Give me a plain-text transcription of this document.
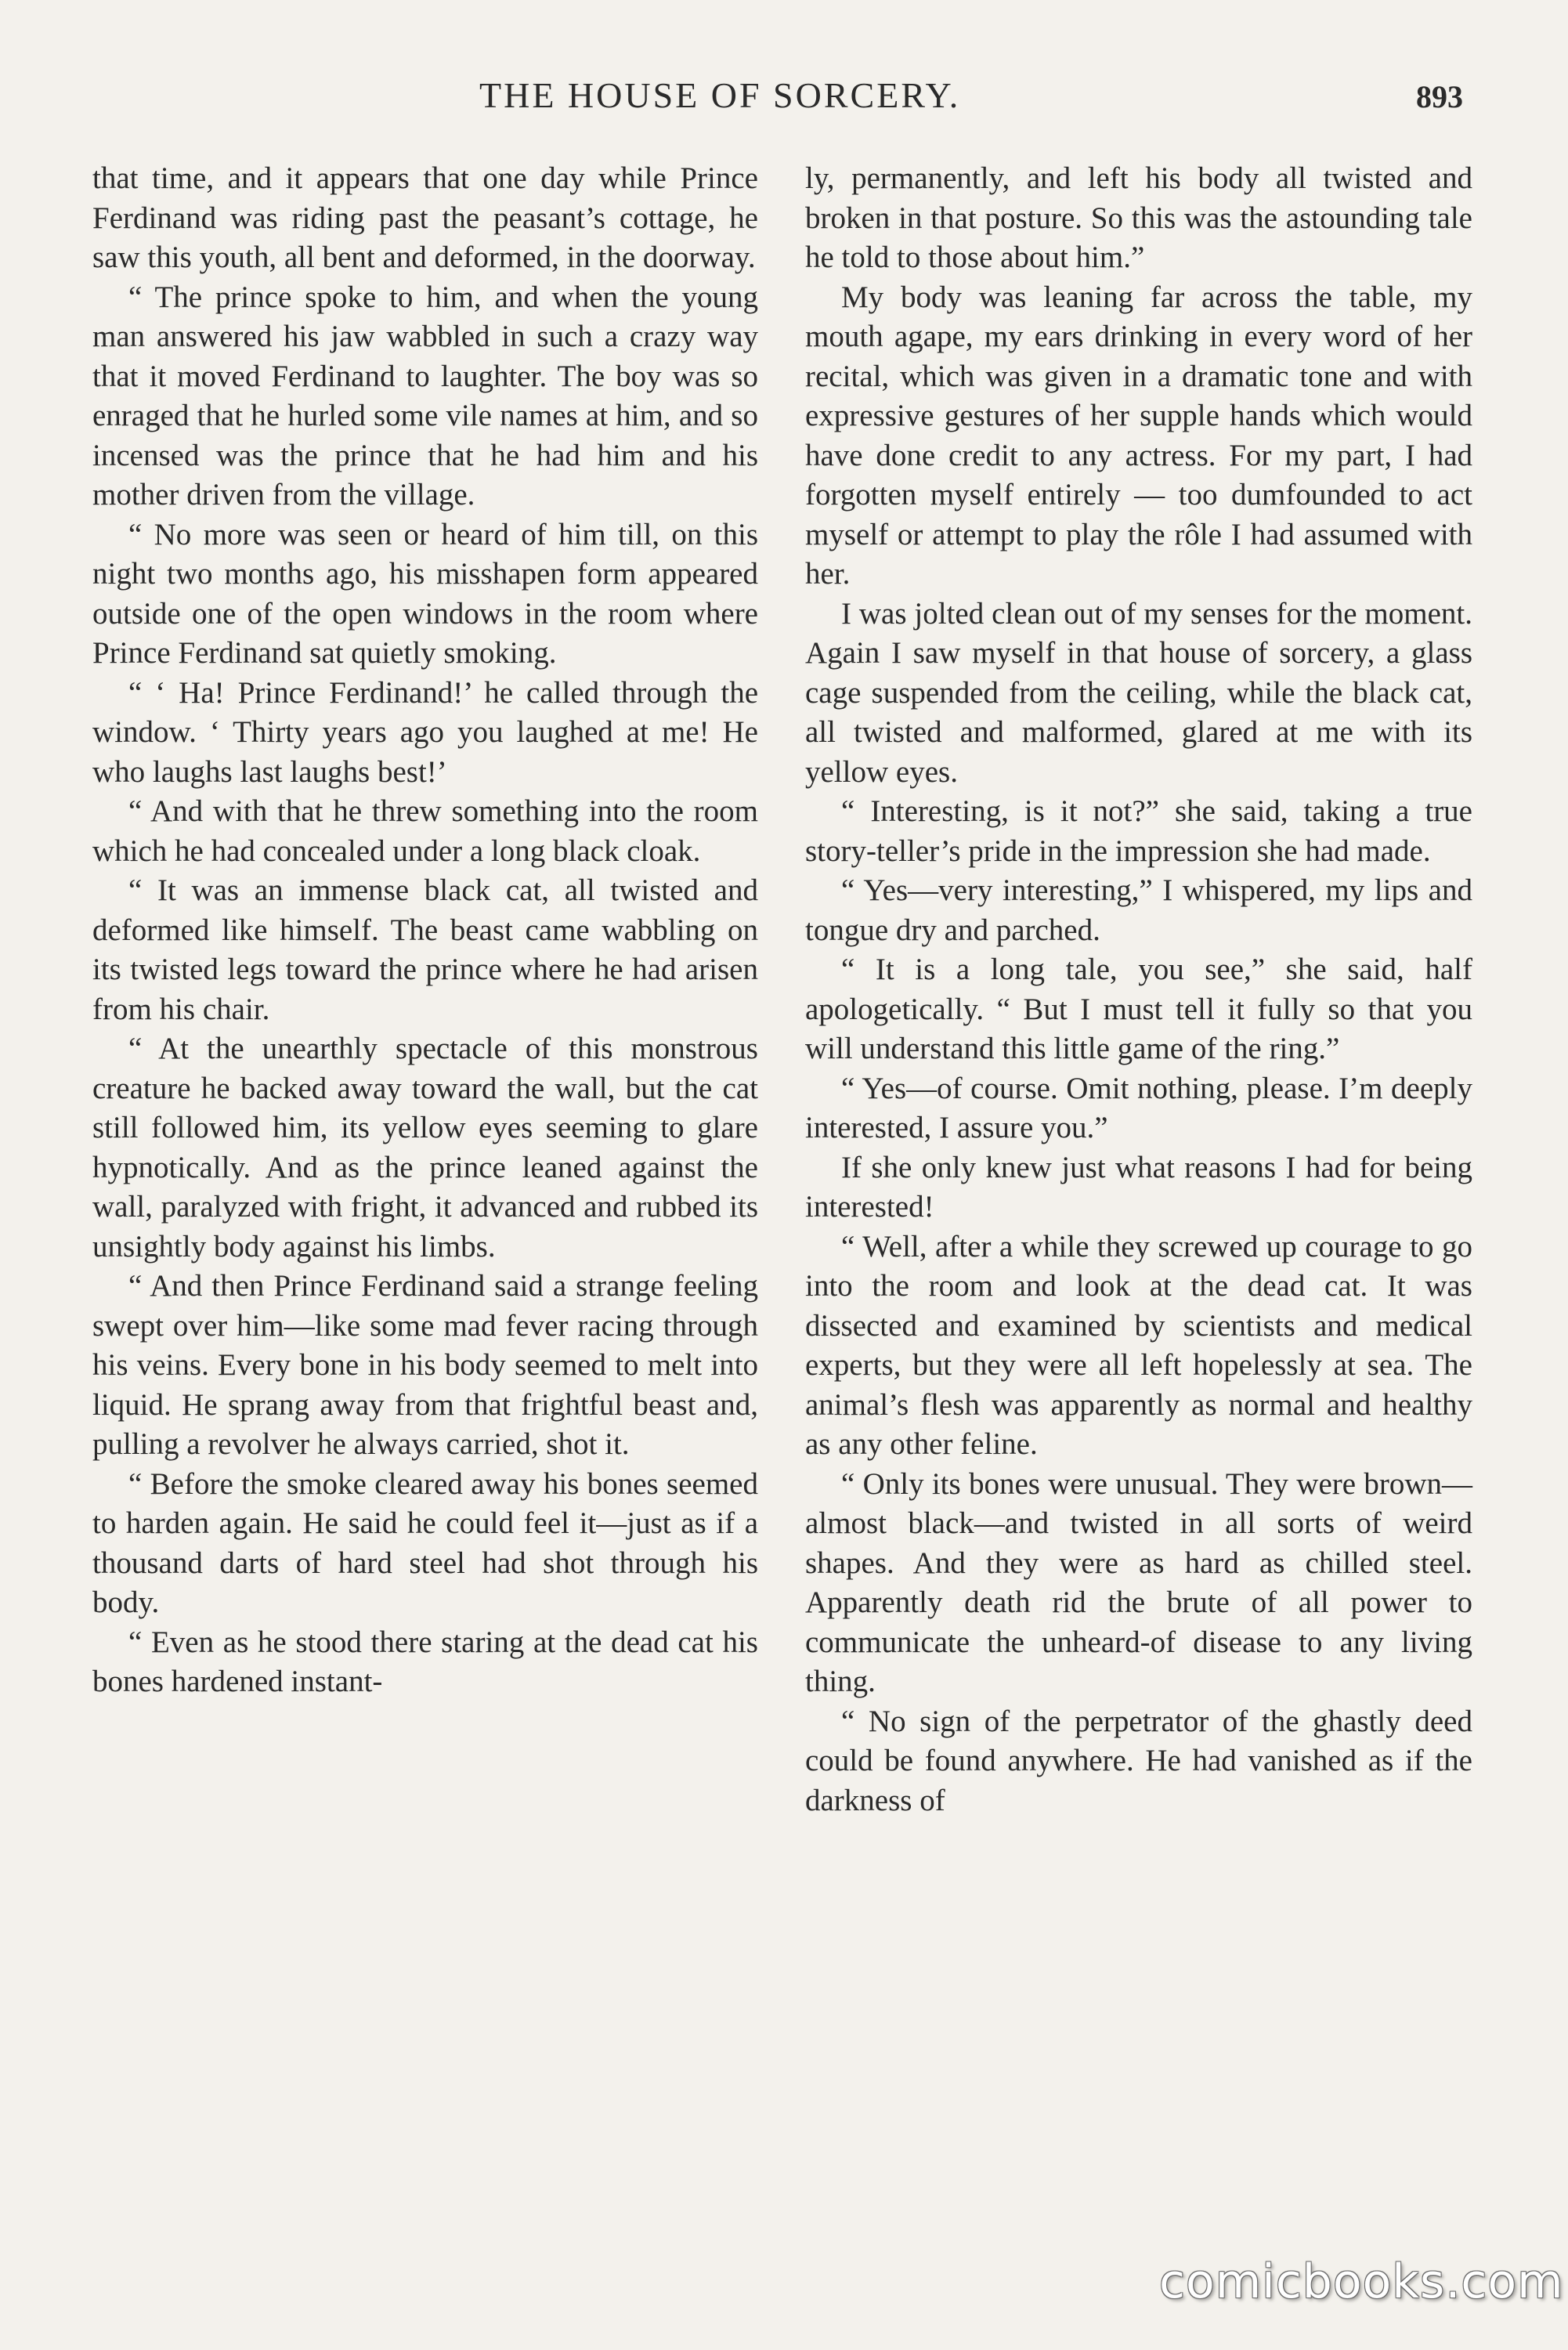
THE HOUSE OF SORCERY.	893

that time, and it appears that one day while Prince Ferdinand was riding past the peasant’s cottage, he saw this youth, all bent and deformed, in the doorway.

“ The prince spoke to him, and when the young man answered his jaw wabbled in such a crazy way that it moved Ferdinand to laughter. The boy was so enraged that he hurled some vile names at him, and so incensed was the prince that he had him and his mother driven from the village.

“ No more was seen or heard of him till, on this night two months ago, his misshapen form appeared outside one of the open windows in the room where Prince Ferdinand sat quietly smoking.

“ ‘ Ha! Prince Ferdinand!’ he called through the window. ‘ Thirty years ago you laughed at me! He who laughs last laughs best!’

“ And with that he threw something into the room which he had concealed under a long black cloak.

“ It was an immense black cat, all twisted and deformed like himself. The beast came wabbling on its twisted legs toward the prince where he had arisen from his chair.

“ At the unearthly spectacle of this monstrous creature he backed away toward the wall, but the cat still followed him, its yellow eyes seeming to glare hypnotically. And as the prince leaned against the wall, paralyzed with fright, it advanced and rubbed its unsightly body against his limbs.

“ And then Prince Ferdinand said a strange feeling swept over him—like some mad fever racing through his veins. Every bone in his body seemed to melt into liquid. He sprang away from that frightful beast and, pulling a revolver he always carried, shot it.

“ Before the smoke cleared away his bones seemed to harden again. He said he could feel it—just as if a thousand darts of hard steel had shot through his body.

“ Even as he stood there staring at the dead cat his bones hardened instant-

ly, permanently, and left his body all twisted and broken in that posture. So this was the astounding tale he told to those about him.”

My body was leaning far across the table, my mouth agape, my ears drinking in every word of her recital, which was given in a dramatic tone and with expressive gestures of her supple hands which would have done credit to any actress. For my part, I had forgotten myself entirely — too dumfounded to act myself or attempt to play the rôle I had assumed with her.

I was jolted clean out of my senses for the moment. Again I saw myself in that house of sorcery, a glass cage suspended from the ceiling, while the black cat, all twisted and malformed, glared at me with its yellow eyes.

“ Interesting, is it not?” she said, taking a true story-teller’s pride in the impression she had made.

“ Yes—very interesting,” I whispered, my lips and tongue dry and parched.

“ It is a long tale, you see,” she said, half apologetically. “ But I must tell it fully so that you will understand this little game of the ring.”

“ Yes—of course. Omit nothing, please. I’m deeply interested, I assure you.”

If she only knew just what reasons I had for being interested!

“ Well, after a while they screwed up courage to go into the room and look at the dead cat. It was dissected and examined by scientists and medical experts, but they were all left hopelessly at sea. The animal’s flesh was apparently as normal and healthy as any other feline.

“ Only its bones were unusual. They were brown—almost black—and twisted in all sorts of weird shapes. And they were as hard as chilled steel. Apparently death rid the brute of all power to communicate the unheard-of disease to any living thing.

“ No sign of the perpetrator of the ghastly deed could be found anywhere. He had vanished as if the darkness of

comicbooks.com
